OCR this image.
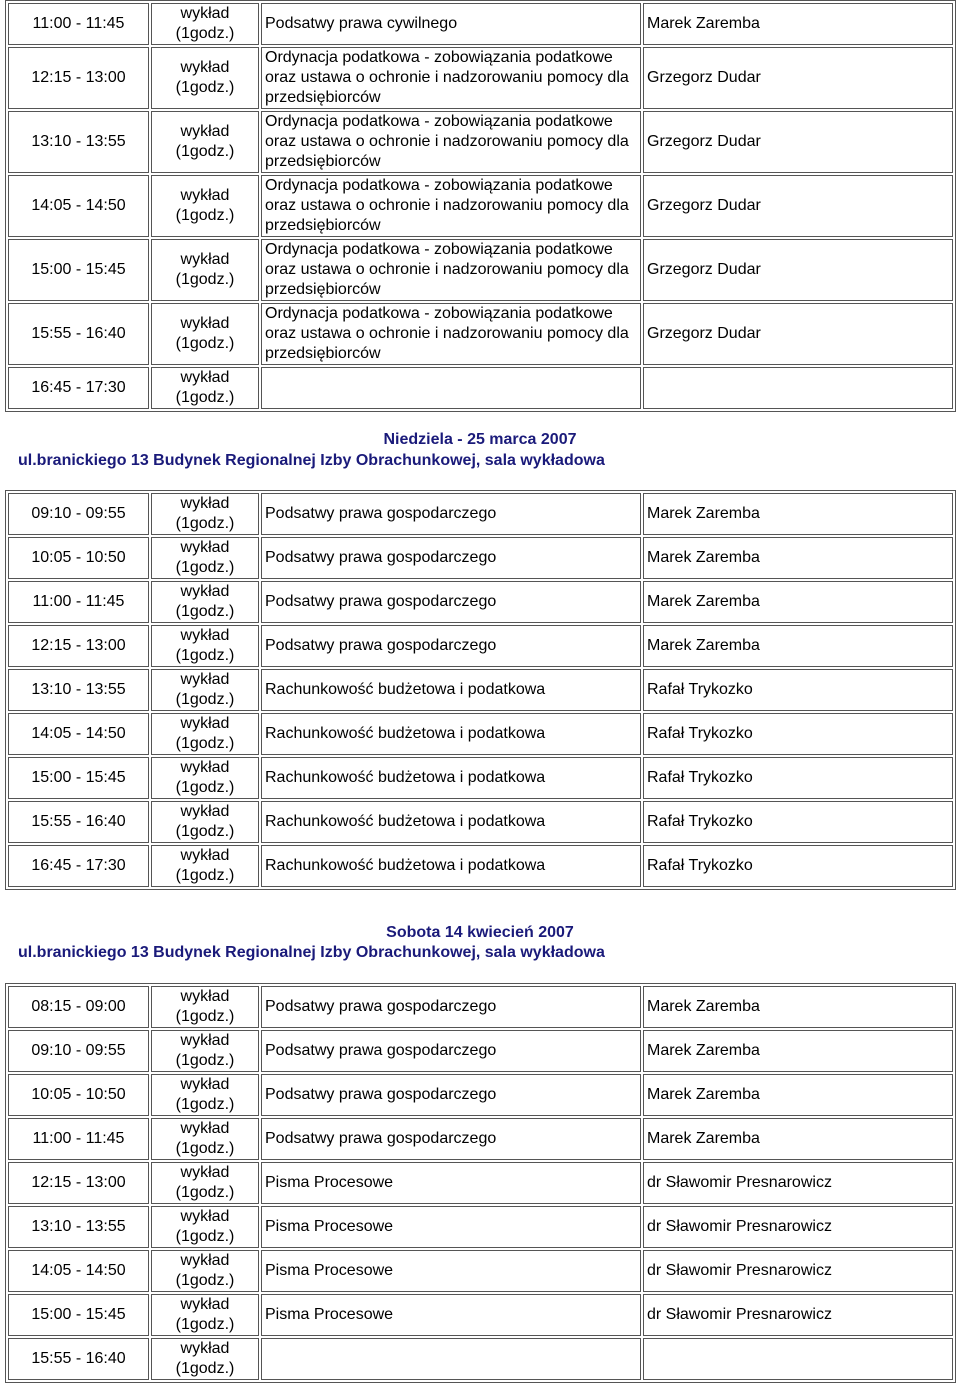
11:00 - 11:45	wykład (1godz.)	Podsatwy prawa cywilnego	Marek Zaremba
12:15 - 13:00	wykład (1godz.)	Ordynacja podatkowa - zobowiązania podatkowe oraz ustawa o ochronie i nadzorowaniu pomocy dla przedsiębiorców	Grzegorz Dudar
13:10 - 13:55	wykład (1godz.)	Ordynacja podatkowa - zobowiązania podatkowe oraz ustawa o ochronie i nadzorowaniu pomocy dla przedsiębiorców	Grzegorz Dudar
14:05 - 14:50	wykład (1godz.)	Ordynacja podatkowa - zobowiązania podatkowe oraz ustawa o ochronie i nadzorowaniu pomocy dla przedsiębiorców	Grzegorz Dudar
15:00 - 15:45	wykład (1godz.)	Ordynacja podatkowa - zobowiązania podatkowe oraz ustawa o ochronie i nadzorowaniu pomocy dla przedsiębiorców	Grzegorz Dudar
15:55 - 16:40	wykład (1godz.)	Ordynacja podatkowa - zobowiązania podatkowe oraz ustawa o ochronie i nadzorowaniu pomocy dla przedsiębiorców	Grzegorz Dudar
16:45 - 17:30	wykład (1godz.)		
Niedziela - 25 marca 2007
ul.branickiego 13 Budynek Regionalnej Izby Obrachunkowej, sala wykładowa
09:10 - 09:55	wykład (1godz.)	Podsatwy prawa gospodarczego	Marek Zaremba
10:05 - 10:50	wykład (1godz.)	Podsatwy prawa gospodarczego	Marek Zaremba
11:00 - 11:45	wykład (1godz.)	Podsatwy prawa gospodarczego	Marek Zaremba
12:15 - 13:00	wykład (1godz.)	Podsatwy prawa gospodarczego	Marek Zaremba
13:10 - 13:55	wykład (1godz.)	Rachunkowość budżetowa i podatkowa	Rafał Trykozko
14:05 - 14:50	wykład (1godz.)	Rachunkowość budżetowa i podatkowa	Rafał Trykozko
15:00 - 15:45	wykład (1godz.)	Rachunkowość budżetowa i podatkowa	Rafał Trykozko
15:55 - 16:40	wykład (1godz.)	Rachunkowość budżetowa i podatkowa	Rafał Trykozko
16:45 - 17:30	wykład (1godz.)	Rachunkowość budżetowa i podatkowa	Rafał Trykozko
Sobota 14 kwiecień 2007
ul.branickiego 13 Budynek Regionalnej Izby Obrachunkowej, sala wykładowa
08:15 - 09:00	wykład (1godz.)	Podsatwy prawa gospodarczego	Marek Zaremba
09:10 - 09:55	wykład (1godz.)	Podsatwy prawa gospodarczego	Marek Zaremba
10:05 - 10:50	wykład (1godz.)	Podsatwy prawa gospodarczego	Marek Zaremba
11:00 - 11:45	wykład (1godz.)	Podsatwy prawa gospodarczego	Marek Zaremba
12:15 - 13:00	wykład (1godz.)	Pisma Procesowe	dr Sławomir Presnarowicz
13:10 - 13:55	wykład (1godz.)	Pisma Procesowe	dr Sławomir Presnarowicz
14:05 - 14:50	wykład (1godz.)	Pisma Procesowe	dr Sławomir Presnarowicz
15:00 - 15:45	wykład (1godz.)	Pisma Procesowe	dr Sławomir Presnarowicz
15:55 - 16:40	wykład (1godz.)		
